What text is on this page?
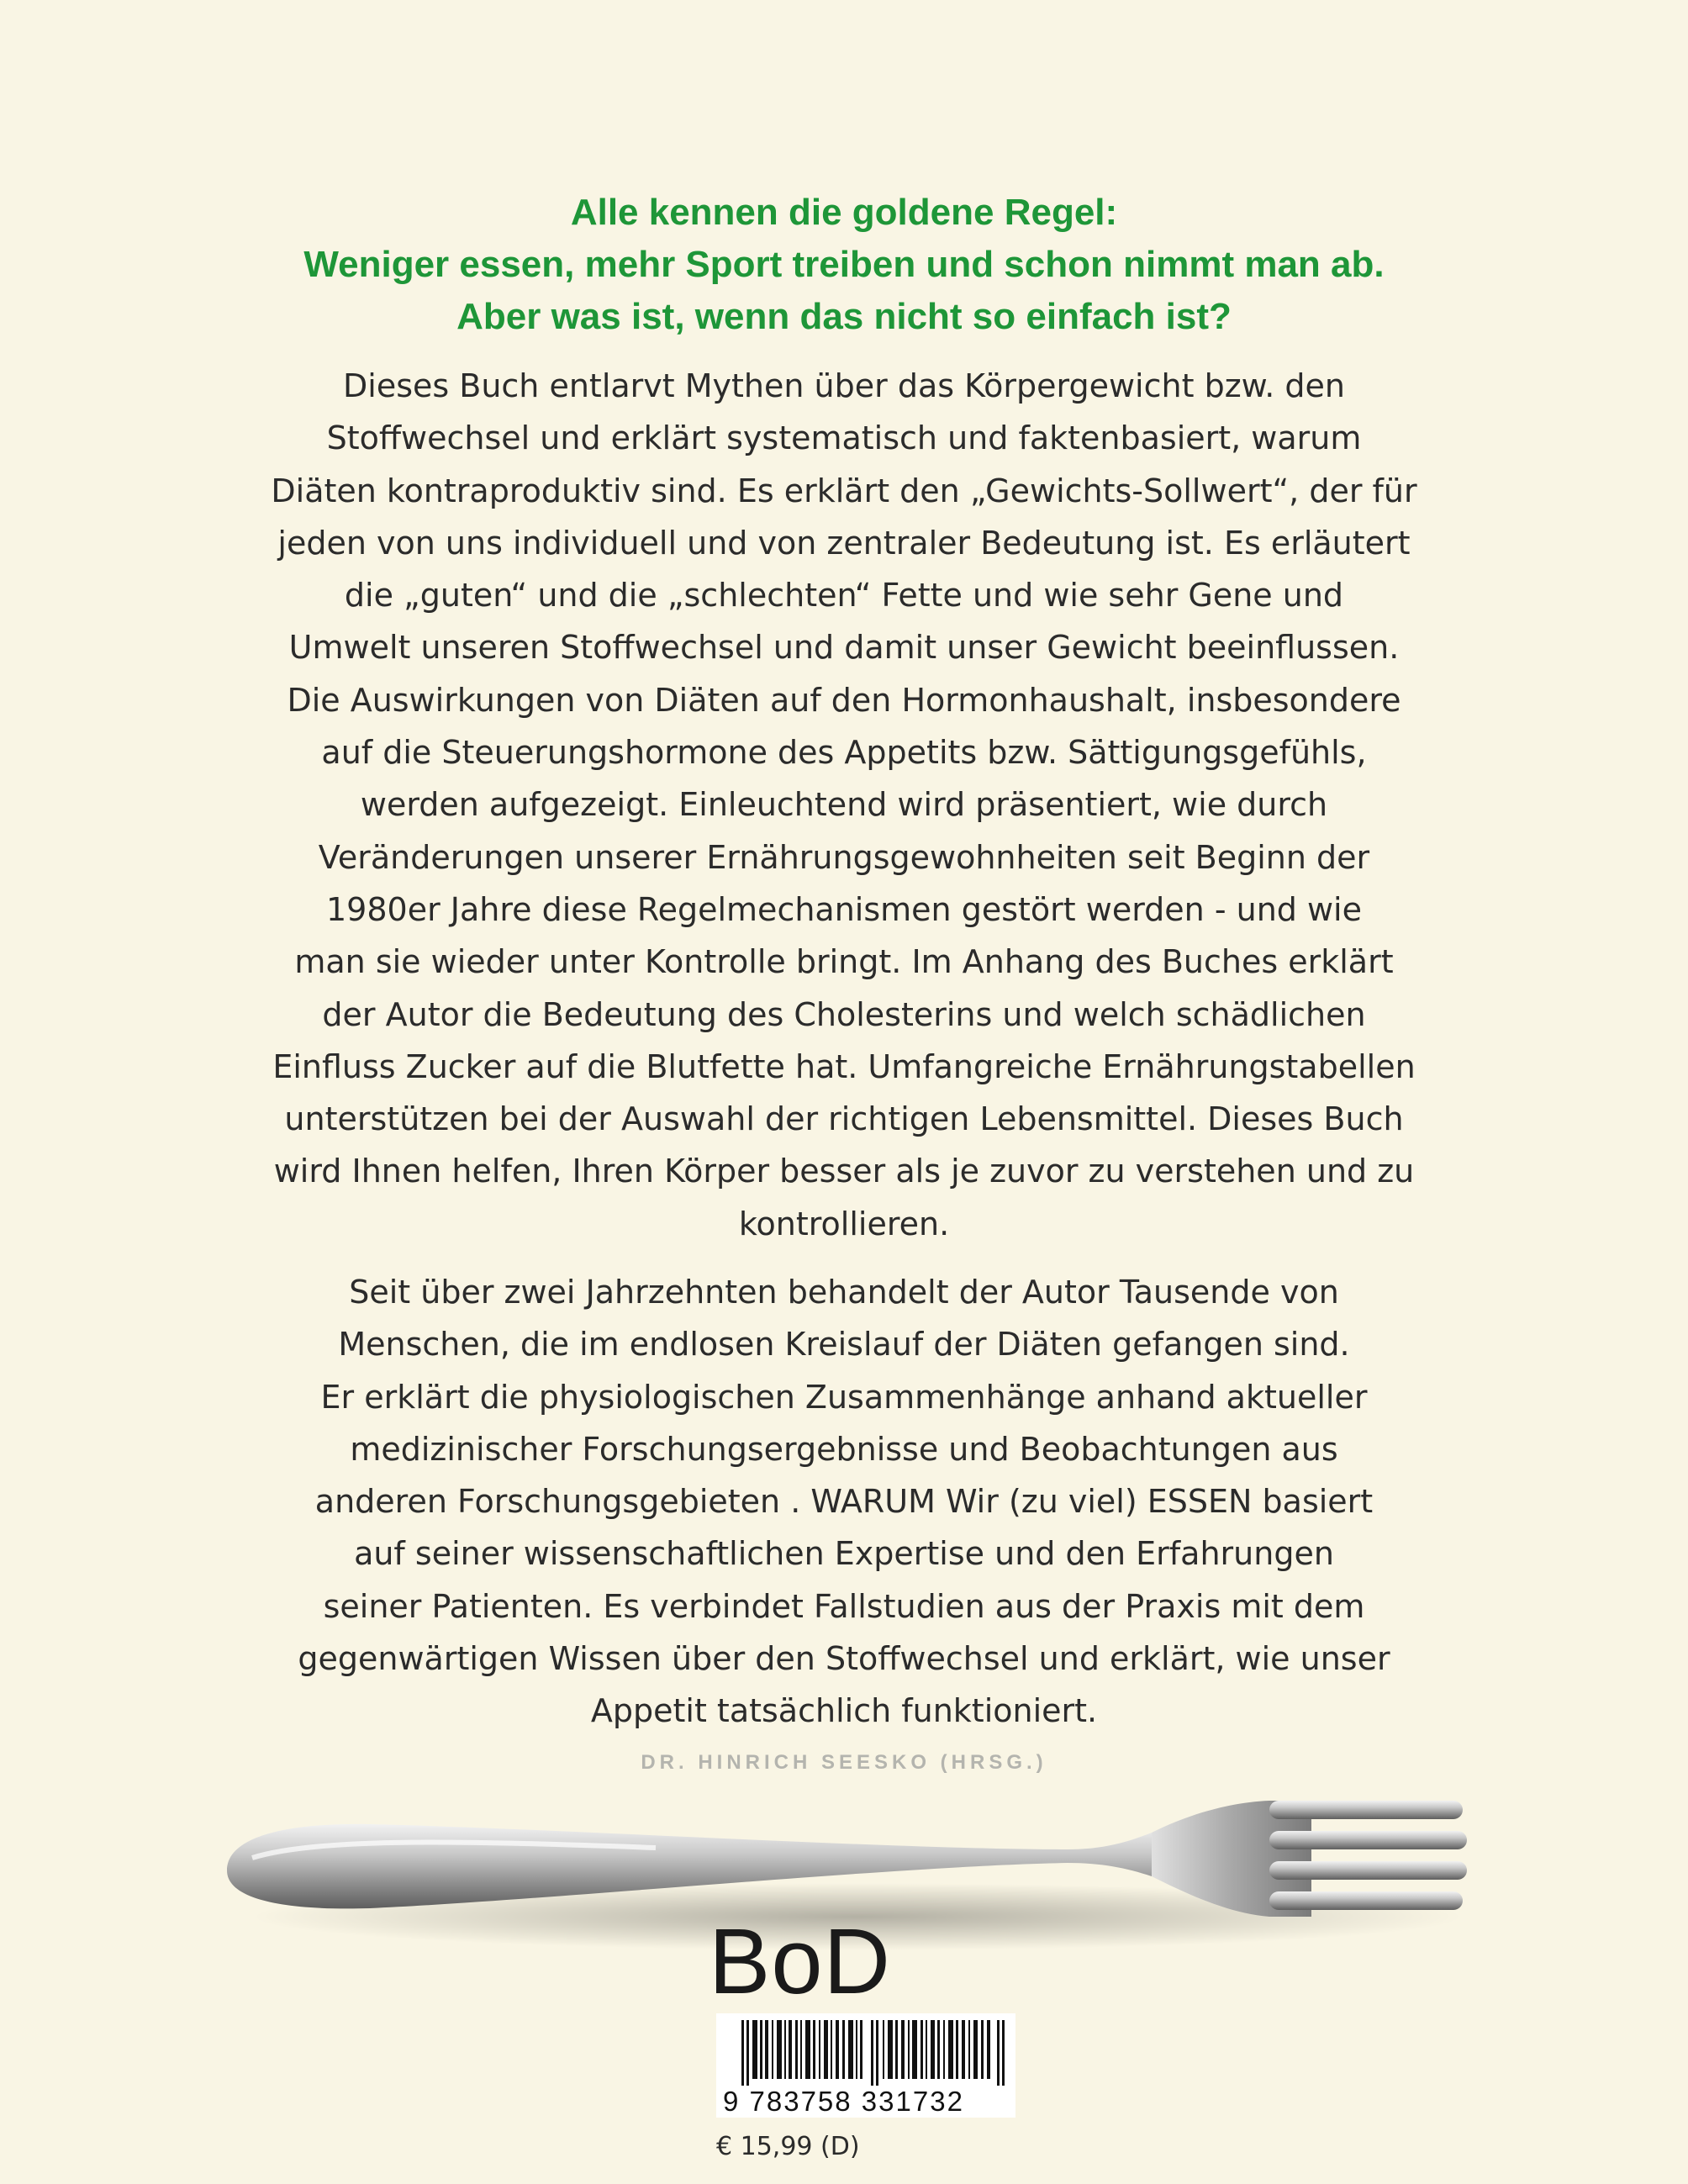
Alle kennen die goldene Regel:
Weniger essen, mehr Sport treiben und schon nimmt man ab.
Aber was ist, wenn das nicht so einfach ist?
Dieses Buch entlarvt Mythen über das Körpergewicht bzw. den
Stoffwechsel und erklärt systematisch und faktenbasiert, warum
Diäten kontraproduktiv sind. Es erklärt den „Gewichts-Sollwert“, der für
jeden von uns individuell und von zentraler Bedeutung ist. Es erläutert
die „guten“ und die „schlechten“ Fette und wie sehr Gene und
Umwelt unseren Stoffwechsel und damit unser Gewicht beeinflussen.
Die Auswirkungen von Diäten auf den Hormonhaushalt, insbesondere
auf die Steuerungshormone des Appetits bzw. Sättigungsgefühls,
werden aufgezeigt. Einleuchtend wird präsentiert, wie durch
Veränderungen unserer Ernährungsgewohnheiten seit Beginn der
1980er Jahre diese Regelmechanismen gestört werden - und wie
man sie wieder unter Kontrolle bringt. Im Anhang des Buches erklärt
der Autor die Bedeutung des Cholesterins und welch schädlichen
Einfluss Zucker auf die Blutfette hat. Umfangreiche Ernährungstabellen
unterstützen bei der Auswahl der richtigen Lebensmittel. Dieses Buch
wird Ihnen helfen, Ihren Körper besser als je zuvor zu verstehen und zu
kontrollieren.
Seit über zwei Jahrzehnten behandelt der Autor Tausende von
Menschen, die im endlosen Kreislauf der Diäten gefangen sind.
Er erklärt die physiologischen Zusammenhänge anhand aktueller
medizinischer Forschungsergebnisse und Beobachtungen aus
anderen Forschungsgebieten . WARUM Wir (zu viel) ESSEN basiert
auf seiner wissenschaftlichen Expertise und den Erfahrungen
seiner Patienten. Es verbindet Fallstudien aus der Praxis mit dem
gegenwärtigen Wissen über den Stoffwechsel und erklärt, wie unser
Appetit tatsächlich funktioniert.
DR. HINRICH SEESKO (HRSG.)
BoD
9 783758 331732
€ 15,99 (D)
